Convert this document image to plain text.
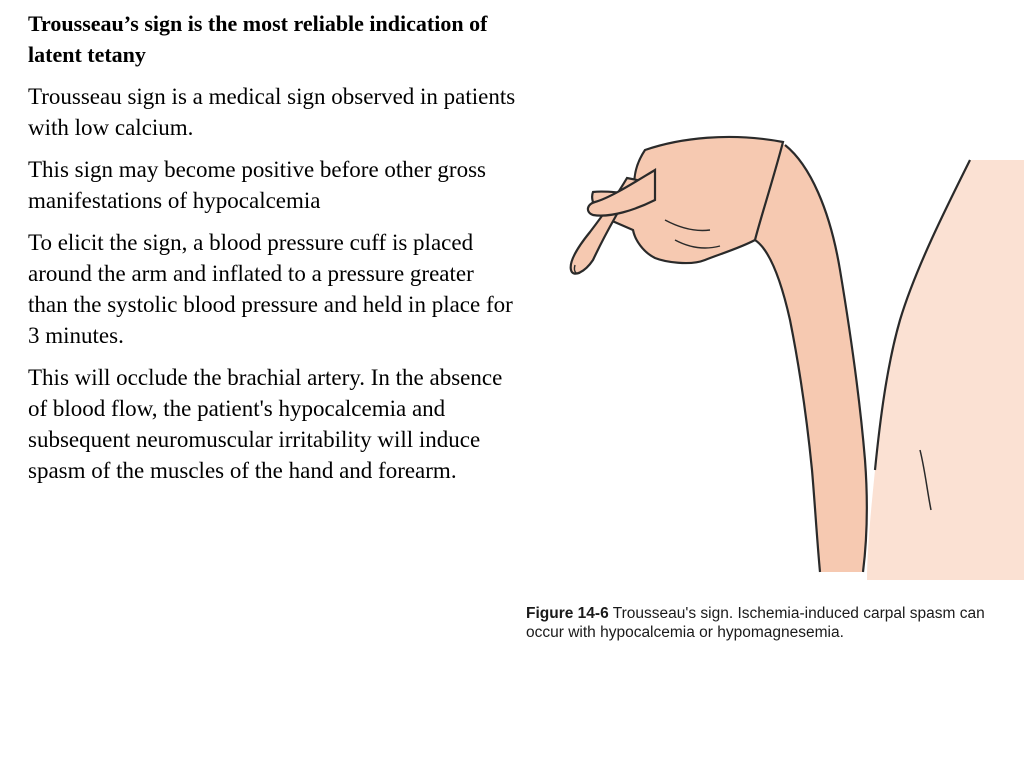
Trousseau’s sign is the most reliable indication of latent tetany

Trousseau sign is a medical sign observed in patients with low calcium.

This sign may become positive before other gross manifestations of hypocalcemia

To elicit the sign, a blood pressure cuff is placed around the arm and inflated to a pressure greater than the systolic blood pressure and held in place for 3 minutes.

This will occlude the brachial artery. In the absence of blood flow, the patient's hypocalcemia and subsequent neuromuscular irritability will induce spasm of the muscles of the hand and forearm.

Figure 14-6 Trousseau's sign. Ischemia-induced carpal spasm can
occur with hypocalcemia or hypomagnesemia.
